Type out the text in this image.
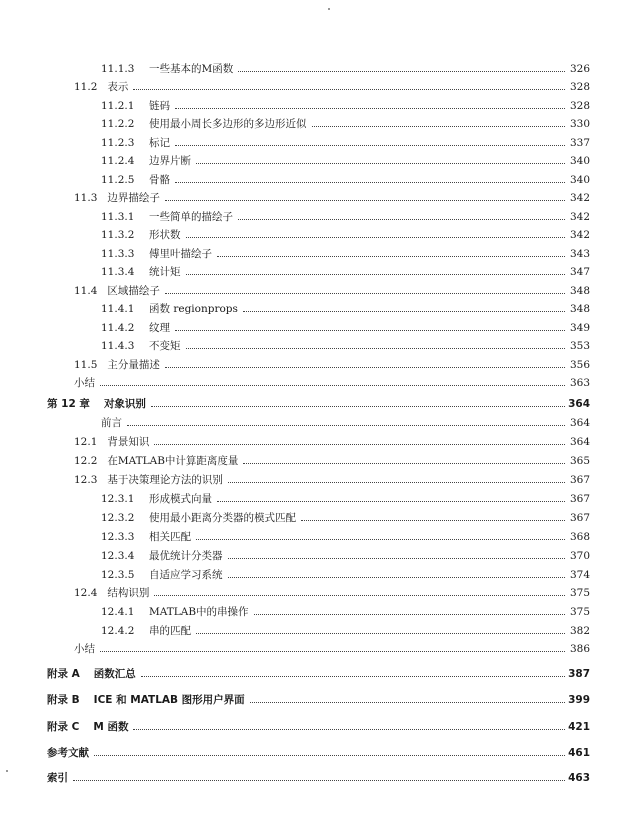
11.1.3	一些基本的M函数	326
11.2 表示	328
11.2.1	链码	328
11.2.2	使用最小周长多边形的多边形近似	330
11.2.3	标记	337
11.2.4	边界片断	340
11.2.5	骨骼	340
11.3 边界描绘子	342
11.3.1	一些简单的描绘子	342
11.3.2	形状数	342
11.3.3	傅里叶描绘子	343
11.3.4	统计矩	347
11.4 区域描绘子	348
11.4.1	函数 regionprops	348
11.4.2	纹理	349
11.4.3	不变矩	353
11.5 主分量描述	356
小结	363
第 12 章	对象识别	364
前言	364
12.1 背景知识	364
12.2 在MATLAB中计算距离度量	365
12.3 基于决策理论方法的识别	367
12.3.1	形成模式向量	367
12.3.2	使用最小距离分类器的模式匹配	367
12.3.3	相关匹配	368
12.3.4	最优统计分类器	370
12.3.5	自适应学习系统	374
12.4 结构识别	375
12.4.1	MATLAB中的串操作	375
12.4.2	串的匹配	382
小结	386
附录 A	函数汇总	387
附录 B	ICE 和 MATLAB 图形用户界面	399
附录 C	M 函数	421
参考文献	461
索引	463
